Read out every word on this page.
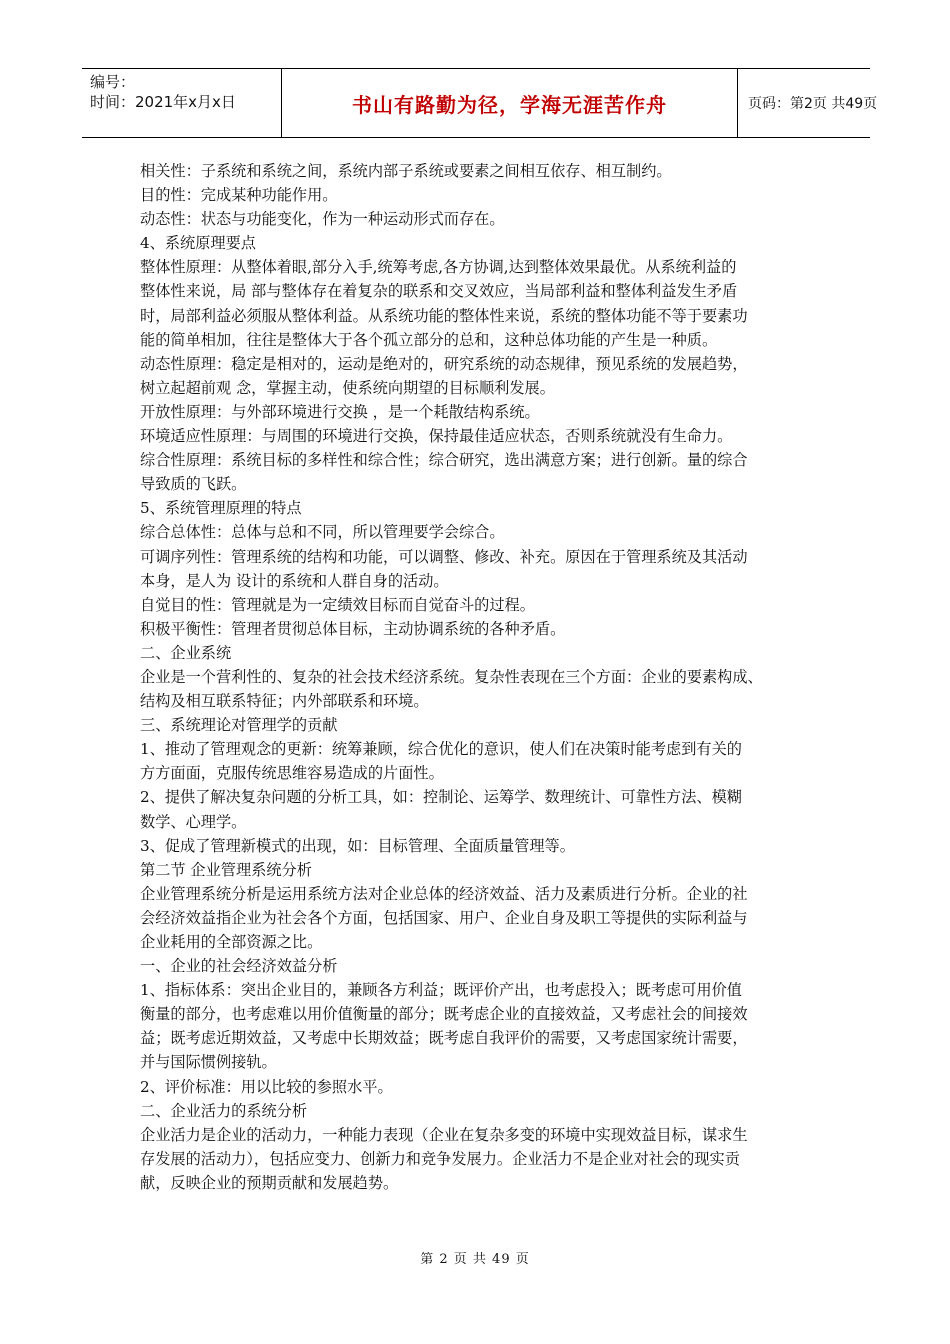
编号：
时间：2021年x月x日	书山有路勤为径，学海无涯苦作舟	页码：第2页 共49页

相关性：子系统和系统之间，系统内部子系统或要素之间相互依存、相互制约。

目的性：完成某种功能作用。

动态性：状态与功能变化，作为一种运动形式而存在。

4、系统原理要点

整体性原理：从整体着眼,部分入手,统筹考虑,各方协调,达到整体效果最优。从系统利益的

整体性来说，局 部与整体存在着复杂的联系和交叉效应，当局部利益和整体利益发生矛盾

时，局部利益必须服从整体利益。从系统功能的整体性来说，系统的整体功能不等于要素功

能的简单相加，往往是整体大于各个孤立部分的总和，这种总体功能的产生是一种质。

动态性原理：稳定是相对的，运动是绝对的，研究系统的动态规律，预见系统的发展趋势，

树立起超前观 念，掌握主动，使系统向期望的目标顺利发展。

开放性原理：与外部环境进行交换 ，是一个耗散结构系统。

环境适应性原理：与周围的环境进行交换，保持最佳适应状态，否则系统就没有生命力。

综合性原理：系统目标的多样性和综合性；综合研究，选出满意方案；进行创新。量的综合

导致质的飞跃。

5、系统管理原理的特点

综合总体性：总体与总和不同，所以管理要学会综合。

可调序列性：管理系统的结构和功能，可以调整、修改、补充。原因在于管理系统及其活动

本身，是人为 设计的系统和人群自身的活动。

自觉目的性：管理就是为一定绩效目标而自觉奋斗的过程。

积极平衡性：管理者贯彻总体目标，主动协调系统的各种矛盾。

二、企业系统

企业是一个营利性的、复杂的社会技术经济系统。复杂性表现在三个方面：企业的要素构成、

结构及相互联系特征；内外部联系和环境。

三、系统理论对管理学的贡献

1、推动了管理观念的更新：统筹兼顾，综合优化的意识，使人们在决策时能考虑到有关的

方方面面，克服传统思维容易造成的片面性。

2、提供了解决复杂问题的分析工具，如：控制论、运筹学、数理统计、可靠性方法、模糊

数学、心理学。

3、促成了管理新模式的出现，如：目标管理、全面质量管理等。

第二节 企业管理系统分析

企业管理系统分析是运用系统方法对企业总体的经济效益、活力及素质进行分析。企业的社

会经济效益指企业为社会各个方面，包括国家、用户、企业自身及职工等提供的实际利益与

企业耗用的全部资源之比。

一、企业的社会经济效益分析

1、指标体系：突出企业目的，兼顾各方利益；既评价产出，也考虑投入；既考虑可用价值

衡量的部分，也考虑难以用价值衡量的部分；既考虑企业的直接效益，又考虑社会的间接效

益；既考虑近期效益，又考虑中长期效益；既考虑自我评价的需要，又考虑国家统计需要，

并与国际惯例接轨。

2、评价标准：用以比较的参照水平。

二、企业活力的系统分析

企业活力是企业的活动力，一种能力表现（企业在复杂多变的环境中实现效益目标，谋求生

存发展的活动力），包括应变力、创新力和竞争发展力。企业活力不是企业对社会的现实贡

献，反映企业的预期贡献和发展趋势。

第 2 页 共 49 页
